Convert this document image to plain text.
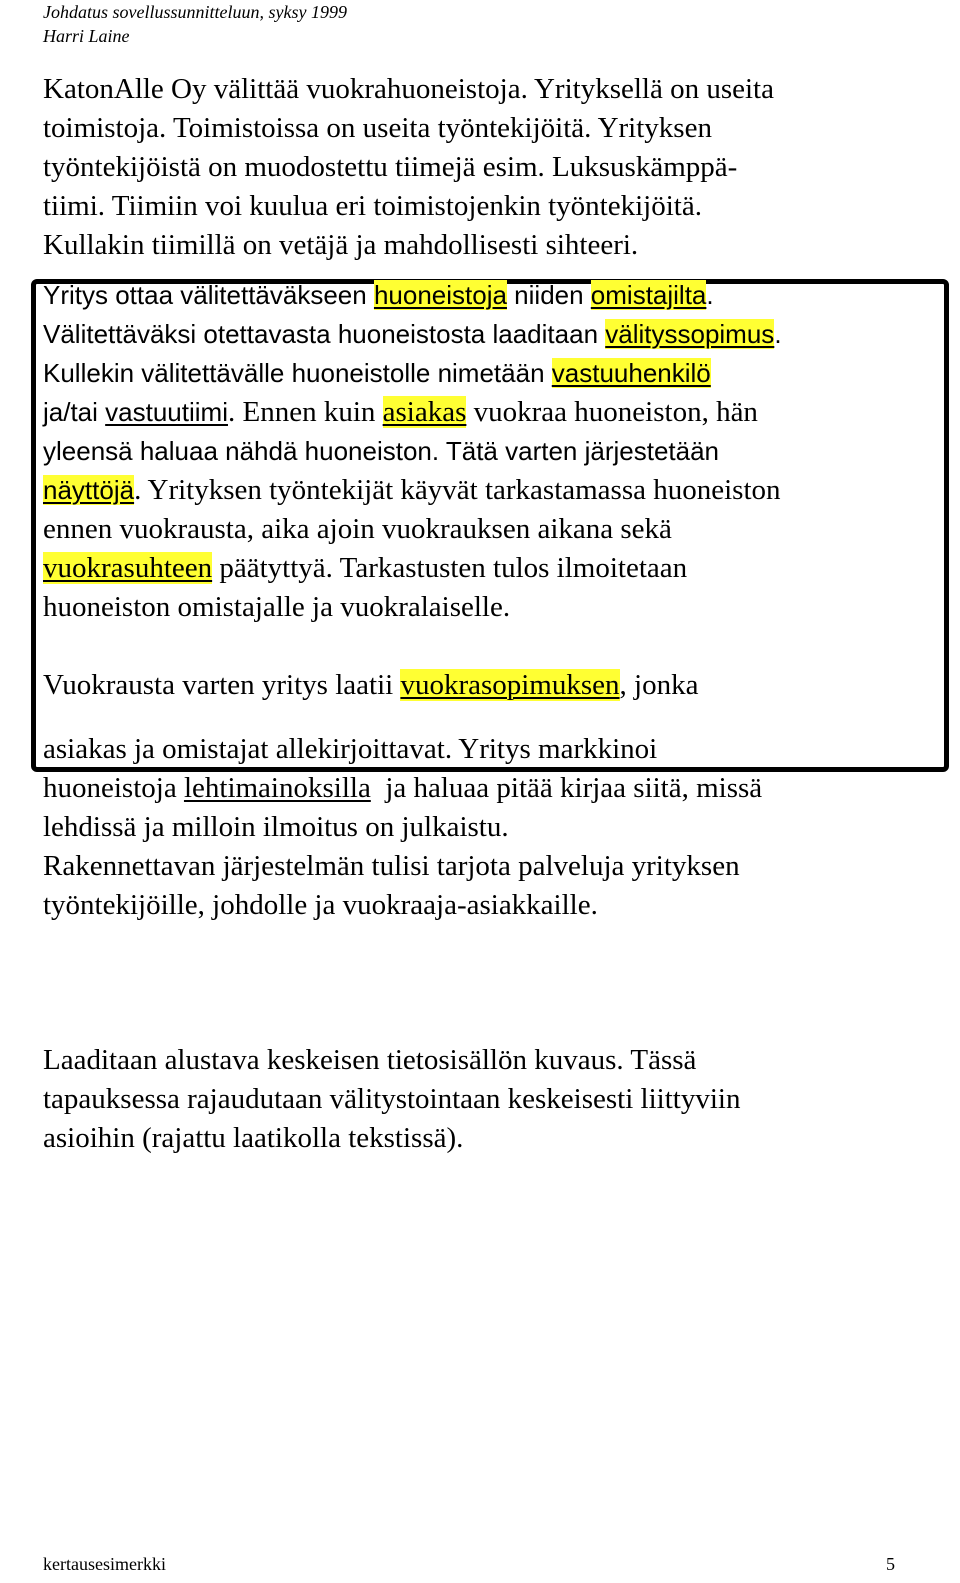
Johdatus sovellussunnitteluun, syksy 1999
Harri Laine
KatonAlle Oy välittää vuokrahuoneistoja. Yrityksellä on useita
toimistoja. Toimistoissa on useita työntekijöitä. Yrityksen
työntekijöistä on muodostettu tiimejä esim. Luksuskämppä-
tiimi. Tiimiin voi kuulua eri toimistojenkin työntekijöitä.
Kullakin tiimillä on vetäjä ja mahdollisesti sihteeri.
Yritys ottaa välitettäväkseen huoneistoja niiden omistajilta.
Välitettäväksi otettavasta huoneistosta laaditaan välityssopimus.
Kullekin välitettävälle huoneistolle nimetään vastuuhenkilö
ja/tai vastuutiimi. Ennen kuin asiakas vuokraa huoneiston, hän
yleensä haluaa nähdä huoneiston. Tätä varten järjestetään
näyttöjä. Yrityksen työntekijät käyvät tarkastamassa huoneiston
ennen vuokrausta, aika ajoin vuokrauksen aikana sekä
vuokrasuhteen päätyttyä. Tarkastusten tulos ilmoitetaan
huoneiston omistajalle ja vuokralaiselle.

Vuokrausta varten yritys laatii vuokrasopimuksen, jonka
asiakas ja omistajat allekirjoittavat. Yritys markkinoi
huoneistoja lehtimainoksilla  ja haluaa pitää kirjaa siitä, missä
lehdissä ja milloin ilmoitus on julkaistu.
Rakennettavan järjestelmän tulisi tarjota palveluja yrityksen
työntekijöille, johdolle ja vuokraaja-asiakkaille.
Laaditaan alustava keskeisen tietosisällön kuvaus. Tässä
tapauksessa rajaudutaan välitystointaan keskeisesti liittyviin
asioihin (rajattu laatikolla tekstissä).
kertausesimerkki	5
